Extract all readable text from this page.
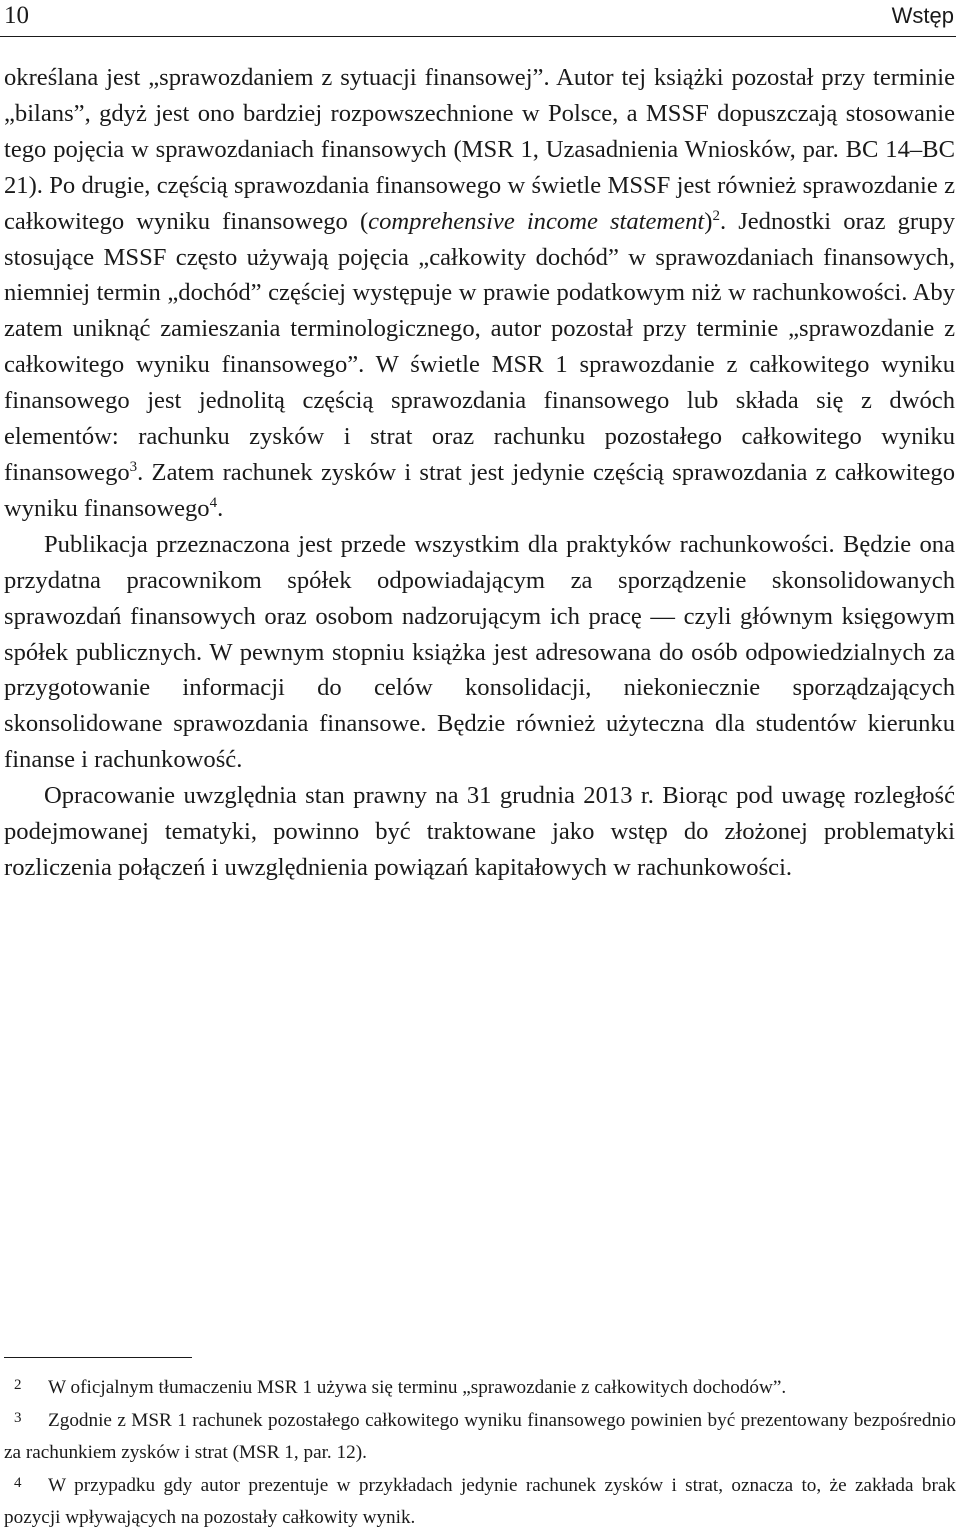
10	Wstęp

określana jest „sprawozdaniem z sytuacji finansowej”. Autor tej książki pozostał przy terminie „bilans”, gdyż jest ono bardziej rozpowszechnione w Polsce, a MSSF dopuszczają stosowanie tego pojęcia w sprawozdaniach finansowych (MSR 1, Uzasadnienia Wniosków, par. BC 14–BC 21). Po drugie, częścią sprawozdania finansowego w świetle MSSF jest również sprawozdanie z całkowitego wyniku finansowego (comprehensive income statement)$^2$. Jednostki oraz grupy stosujące MSSF często używają pojęcia „całkowity dochód” w sprawozdaniach finansowych, niemniej termin „dochód” częściej występuje w prawie podatkowym niż w rachunkowości. Aby zatem uniknąć zamieszania terminologicznego, autor pozostał przy terminie „sprawozdanie z całkowitego wyniku finansowego”. W świetle MSR 1 sprawozdanie z całkowitego wyniku finansowego jest jednolitą częścią sprawozdania finansowego lub składa się z dwóch elementów: rachunku zysków i strat oraz rachunku pozostałego całkowitego wyniku finansowego$^3$. Zatem rachunek zysków i strat jest jedynie częścią sprawozdania z całkowitego wyniku finansowego$^4$.

Publikacja przeznaczona jest przede wszystkim dla praktyków rachunkowości. Będzie ona przydatna pracownikom spółek odpowiadającym za sporządzenie skonsolidowanych sprawozdań finansowych oraz osobom nadzorującym ich pracę — czyli głównym księgowym spółek publicznych. W pewnym stopniu książka jest adresowana do osób odpowiedzialnych za przygotowanie informacji do celów konsolidacji, niekoniecznie sporządzających skonsolidowane sprawozdania finansowe. Będzie również użyteczna dla studentów kierunku finanse i rachunkowość.

Opracowanie uwzględnia stan prawny na 31 grudnia 2013 r. Biorąc pod uwagę rozległość podejmowanej tematyki, powinno być traktowane jako wstęp do złożonej problematyki rozliczenia połączeń i uwzględnienia powiązań kapitałowych w rachunkowości.

2 W oficjalnym tłumaczeniu MSR 1 używa się terminu „sprawozdanie z całkowitych dochodów”.

3 Zgodnie z MSR 1 rachunek pozostałego całkowitego wyniku finansowego powinien być prezentowany bezpośrednio za rachunkiem zysków i strat (MSR 1, par. 12).

4 W przypadku gdy autor prezentuje w przykładach jedynie rachunek zysków i strat, oznacza to, że zakłada brak pozycji wpływających na pozostały całkowity wynik.
